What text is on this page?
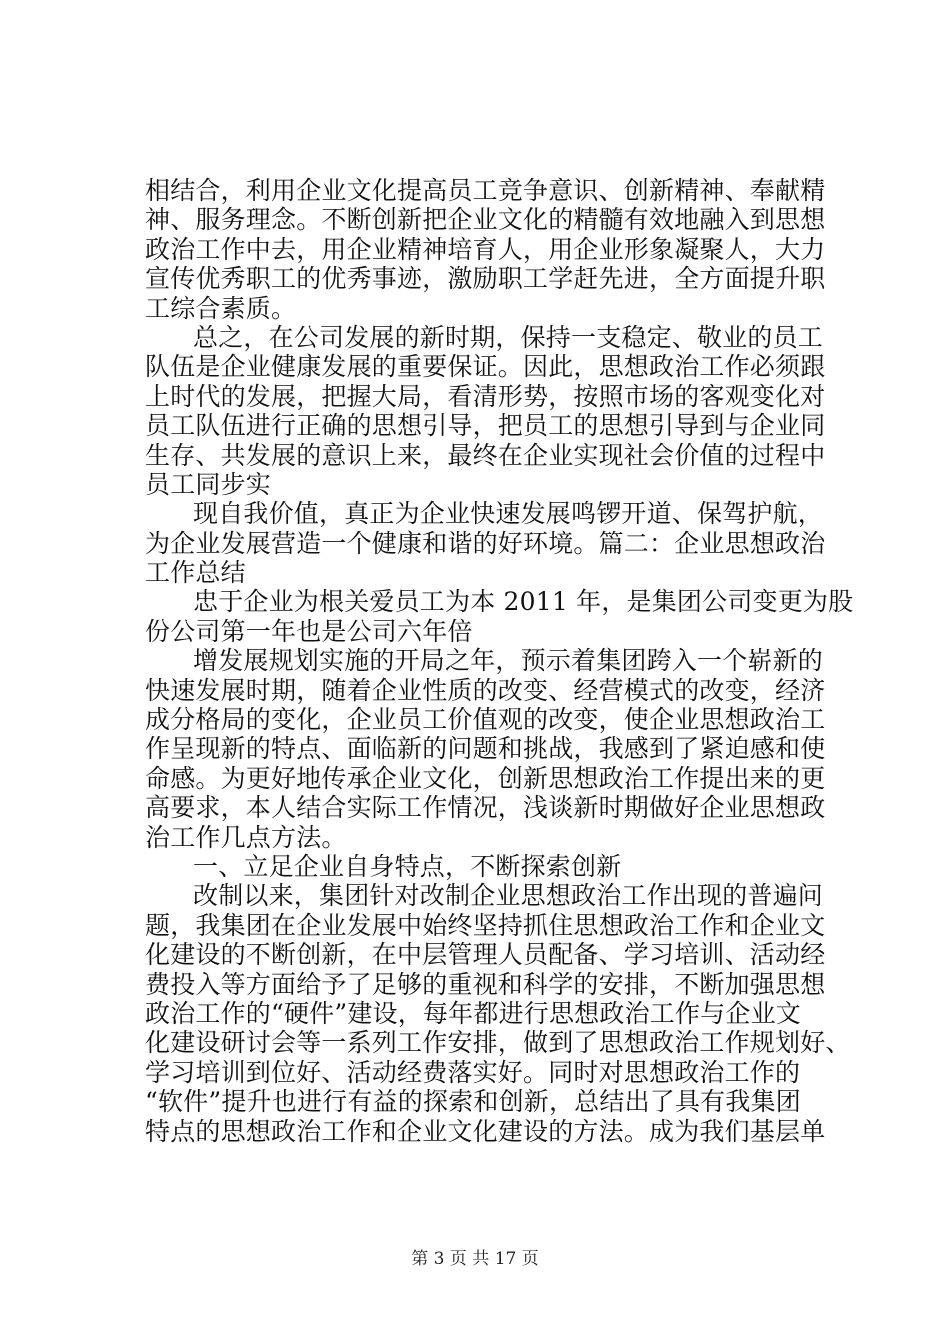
相结合，利用企业文化提高员工竞争意识、创新精神、奉献精
神、服务理念。不断创新把企业文化的精髓有效地融入到思想
政治工作中去，用企业精神培育人，用企业形象凝聚人，大力
宣传优秀职工的优秀事迹，激励职工学赶先进，全方面提升职
工综合素质。
总之，在公司发展的新时期，保持一支稳定、敬业的员工
队伍是企业健康发展的重要保证。因此，思想政治工作必须跟
上时代的发展，把握大局，看清形势，按照市场的客观变化对
员工队伍进行正确的思想引导，把员工的思想引导到与企业同
生存、共发展的意识上来，最终在企业实现社会价值的过程中
员工同步实
现自我价值，真正为企业快速发展鸣锣开道、保驾护航，
为企业发展营造一个健康和谐的好环境。篇二：企业思想政治
工作总结
忠于企业为根关爱员工为本 2011 年，是集团公司变更为股
份公司第一年也是公司六年倍
增发展规划实施的开局之年，预示着集团跨入一个崭新的
快速发展时期，随着企业性质的改变、经营模式的改变，经济
成分格局的变化，企业员工价值观的改变，使企业思想政治工
作呈现新的特点、面临新的问题和挑战，我感到了紧迫感和使
命感。为更好地传承企业文化，创新思想政治工作提出来的更
高要求，本人结合实际工作情况，浅谈新时期做好企业思想政
治工作几点方法。
一、立足企业自身特点，不断探索创新
改制以来，集团针对改制企业思想政治工作出现的普遍问
题，我集团在企业发展中始终坚持抓住思想政治工作和企业文
化建设的不断创新，在中层管理人员配备、学习培训、活动经
费投入等方面给予了足够的重视和科学的安排，不断加强思想
政治工作的“硬件”建设，每年都进行思想政治工作与企业文
化建设研讨会等一系列工作安排，做到了思想政治工作规划好、
学习培训到位好、活动经费落实好。同时对思想政治工作的
“软件”提升也进行有益的探索和创新，总结出了具有我集团
特点的思想政治工作和企业文化建设的方法。成为我们基层单
第 3 页 共 17 页
